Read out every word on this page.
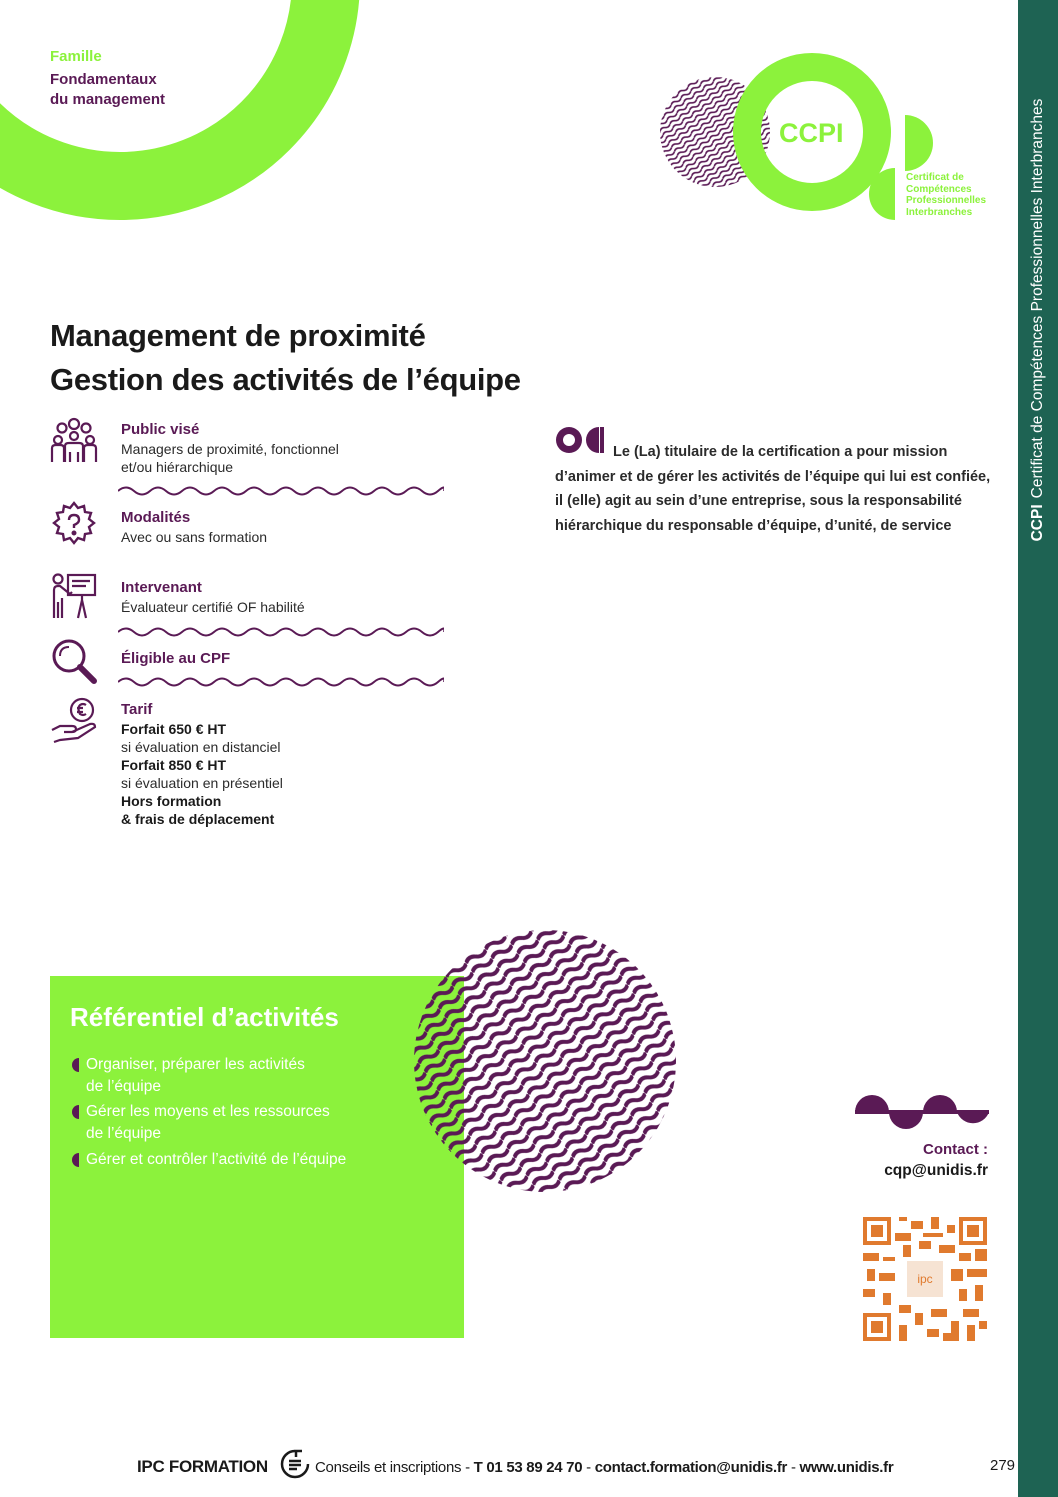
Famille
Fondamentaux
du management
CCPI
Certificat de
Compétences
Professionnelles
Interbranches
CCPICertificat de Compétences Professionnelles Interbranches
Management de proximité
Gestion des activités de l’équipe
Public visé
Managers de proximité, fonctionnel
et/ou hiérarchique
Modalités
Avec ou sans formation
Intervenant
Évaluateur certifié OF habilité
Éligible au CPF
Tarif
Forfait 650 € HT
si évaluation en distanciel
Forfait 850 € HT
si évaluation en présentiel
Hors formation
& frais de déplacement
Le (La) titulaire de la certification a pour mission d’animer et de gérer les activités de l’équipe qui lui est confiée, il (elle) agit au sein d’une entreprise, sous la responsabilité hiérarchique du responsable d’équipe, d’unité, de service
Référentiel d’activités
Organiser, préparer les activités
de l’équipe
Gérer les moyens et les ressources
de l’équipe
Gérer et contrôler l’activité de l’équipe
Contact :
cqp@unidis.fr
ipc
IPC FORMATION	Conseils et inscriptions - T 01 53 89 24 70 - contact.formation@unidis.fr - www.unidis.fr	279
